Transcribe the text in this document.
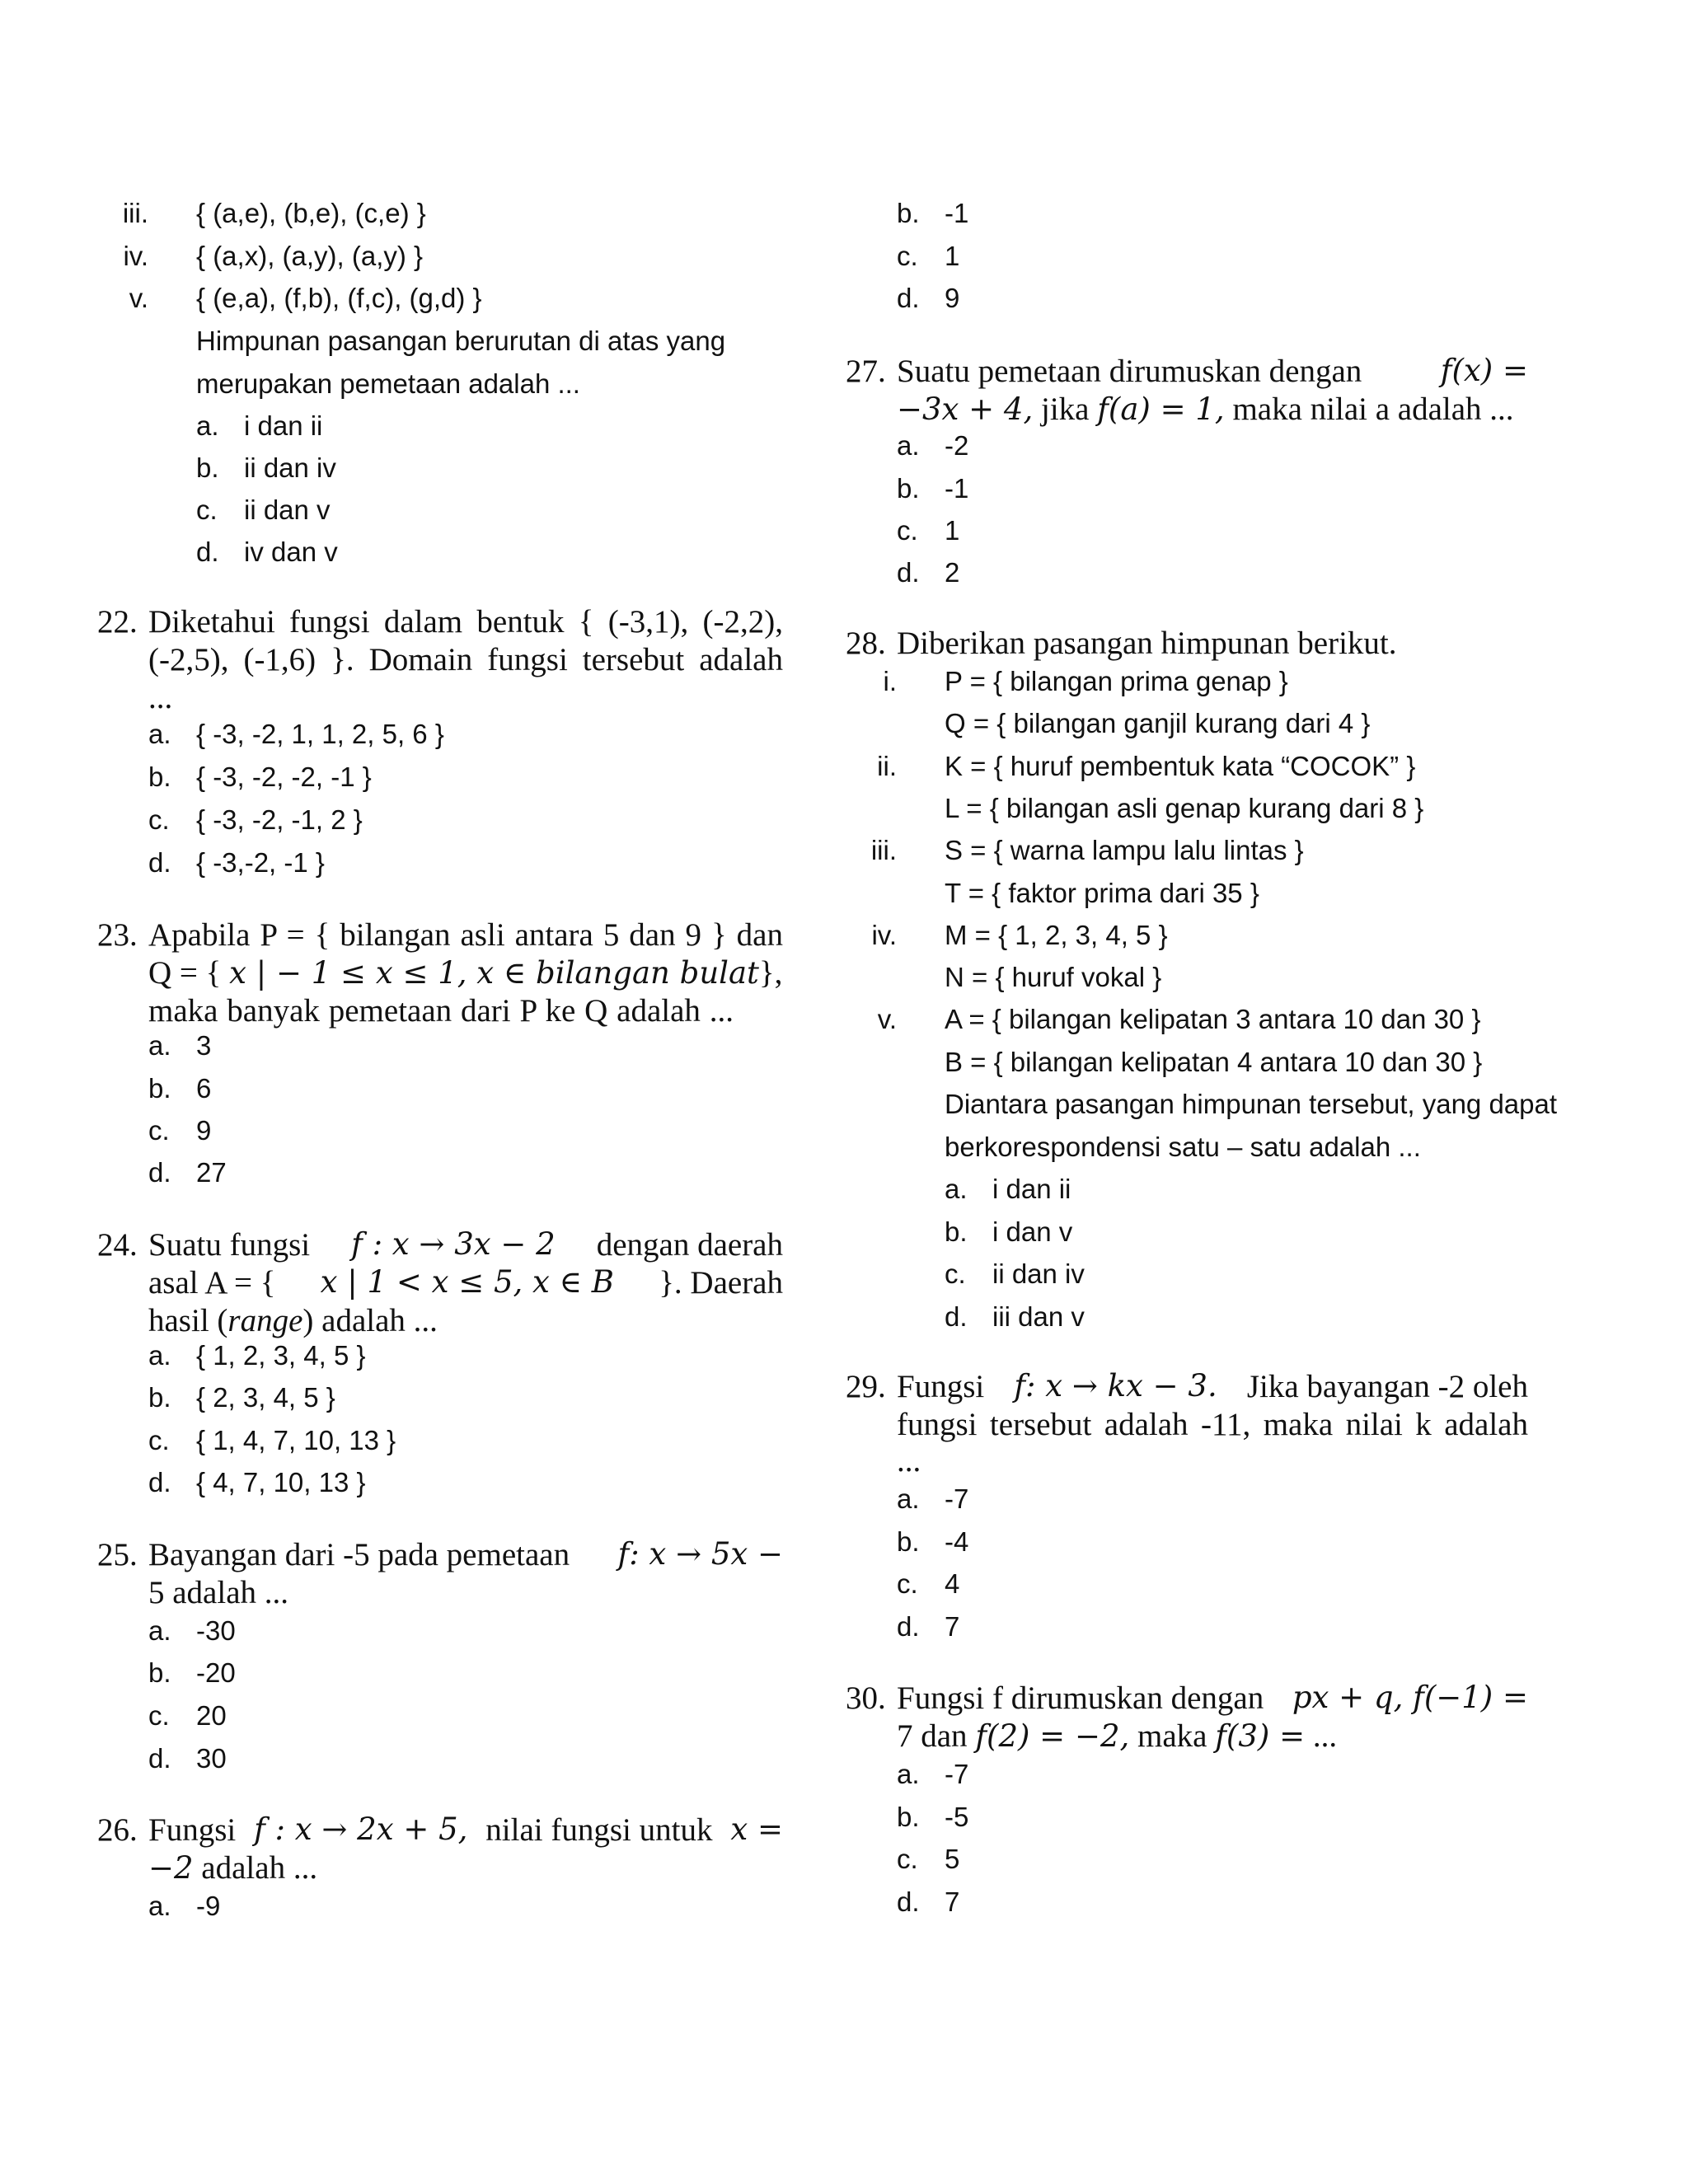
iii. { (a,e), (b,e), (c,e) }
iv. { (a,x), (a,y), (a,y) }
v. { (e,a), (f,b), (f,c), (g,d) }
Himpunan pasangan berurutan di atas yang
merupakan pemetaan adalah ...
a. i dan ii
b. ii dan iv
c. ii dan v
d. iv dan v
22. Diketahui fungsi dalam bentuk { (-3,1), (-2,2),
(-2,5), (-1,6) }. Domain fungsi tersebut adalah
...
a. { -3, -2, 1, 1, 2, 5, 6 }
b. { -3, -2, -2, -1 }
c. { -3, -2, -1, 2 }
d. { -3,-2, -1 }
23. Apabila P = { bilangan asli antara 5 dan 9 } dan
Q = { x | − 1 ≤ x ≤ 1, x ∈ bilangan bulat},
maka banyak pemetaan dari P ke Q adalah ...
a. 3
b. 6
c. 9
d. 27
24. Suatu fungsi f : x → 3x − 2 dengan daerah
asal A = { x | 1 < x ≤ 5, x ∈ B }. Daerah
hasil (range) adalah ...
a. { 1, 2, 3, 4, 5 }
b. { 2, 3, 4, 5 }
c. { 1, 4, 7, 10, 13 }
d. { 4, 7, 10, 13 }
25. Bayangan dari -5 pada pemetaan f: x → 5x −
5 adalah ...
a. -30
b. -20
c. 20
d. 30
26. Fungsi f : x → 2x + 5, nilai fungsi untuk x =
−2 adalah ...
a. -9
b. -1
c. 1
d. 9
27. Suatu pemetaan dirumuskan dengan	f(x) =
−3x + 4, jika f(a) = 1, maka nilai a adalah ...
a. -2
b. -1
c. 1
d. 2
28. Diberikan pasangan himpunan berikut.
i. P = { bilangan prima genap }
Q = { bilangan ganjil kurang dari 4 }
ii. K = { huruf pembentuk kata “COCOK” }
L = { bilangan asli genap kurang dari 8 }
iii. S = { warna lampu lalu lintas }
T = { faktor prima dari 35 }
iv. M = { 1, 2, 3, 4, 5 }
N = { huruf vokal }
v. A = { bilangan kelipatan 3 antara 10 dan 30 }
B = { bilangan kelipatan 4 antara 10 dan 30 }
Diantara pasangan himpunan tersebut, yang dapat
berkorespondensi satu – satu adalah ...
a. i dan ii
b. i dan v
c. ii dan iv
d. iii dan v
29. Fungsi f: x → kx − 3. Jika bayangan -2 oleh
fungsi tersebut adalah -11, maka nilai k adalah
...
a. -7
b. -4
c. 4
d. 7
30. Fungsi f dirumuskan dengan px + q, f(−1) =
7 dan f(2) = −2, maka f(3) = ...
a. -7
b. -5
c. 5
d. 7
